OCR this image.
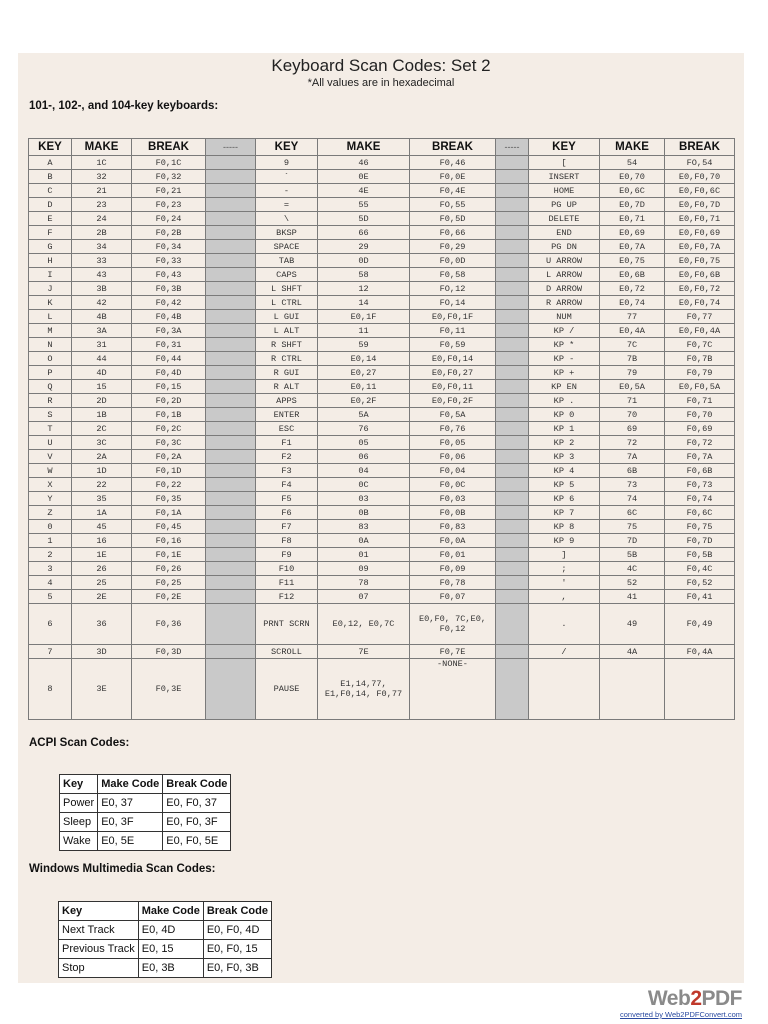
Keyboard Scan Codes: Set 2
*All values are in hexadecimal
101-, 102-, and 104-key keyboards:
KEY	MAKE	BREAK	-----	KEY	MAKE	BREAK	-----	KEY	MAKE	BREAK
A	1C	F0,1C		9	46	F0,46		[	54	FO,54
B	32	F0,32		`	0E	F0,0E		INSERT	E0,70	E0,F0,70
C	21	F0,21		-	4E	F0,4E		HOME	E0,6C	E0,F0,6C
D	23	F0,23		=	55	FO,55		PG UP	E0,7D	E0,F0,7D
E	24	F0,24		\	5D	F0,5D		DELETE	E0,71	E0,F0,71
F	2B	F0,2B		BKSP	66	F0,66		END	E0,69	E0,F0,69
G	34	F0,34		SPACE	29	F0,29		PG DN	E0,7A	E0,F0,7A
H	33	F0,33		TAB	0D	F0,0D		U ARROW	E0,75	E0,F0,75
I	43	F0,43		CAPS	58	F0,58		L ARROW	E0,6B	E0,F0,6B
J	3B	F0,3B		L SHFT	12	FO,12		D ARROW	E0,72	E0,F0,72
K	42	F0,42		L CTRL	14	FO,14		R ARROW	E0,74	E0,F0,74
L	4B	F0,4B		L GUI	E0,1F	E0,F0,1F		NUM	77	F0,77
M	3A	F0,3A		L ALT	11	F0,11		KP /	E0,4A	E0,F0,4A
N	31	F0,31		R SHFT	59	F0,59		KP *	7C	F0,7C
O	44	F0,44		R CTRL	E0,14	E0,F0,14		KP -	7B	F0,7B
P	4D	F0,4D		R GUI	E0,27	E0,F0,27		KP +	79	F0,79
Q	15	F0,15		R ALT	E0,11	E0,F0,11		KP EN	E0,5A	E0,F0,5A
R	2D	F0,2D		APPS	E0,2F	E0,F0,2F		KP .	71	F0,71
S	1B	F0,1B		ENTER	5A	F0,5A		KP 0	70	F0,70
T	2C	F0,2C		ESC	76	F0,76		KP 1	69	F0,69
U	3C	F0,3C		F1	05	F0,05		KP 2	72	F0,72
V	2A	F0,2A		F2	06	F0,06		KP 3	7A	F0,7A
W	1D	F0,1D		F3	04	F0,04		KP 4	6B	F0,6B
X	22	F0,22		F4	0C	F0,0C		KP 5	73	F0,73
Y	35	F0,35		F5	03	F0,03		KP 6	74	F0,74
Z	1A	F0,1A		F6	0B	F0,0B		KP 7	6C	F0,6C
0	45	F0,45		F7	83	F0,83		KP 8	75	F0,75
1	16	F0,16		F8	0A	F0,0A		KP 9	7D	F0,7D
2	1E	F0,1E		F9	01	F0,01		]	5B	F0,5B
3	26	F0,26		F10	09	F0,09		;	4C	F0,4C
4	25	F0,25		F11	78	F0,78		'	52	F0,52
5	2E	F0,2E		F12	07	F0,07		,	41	F0,41
6	36	F0,36		PRNT SCRN	E0,12, E0,7C	E0,F0, 7C,E0, F0,12		.	49	F0,49
7	3D	F0,3D		SCROLL	7E	F0,7E		/	4A	F0,4A
8	3E	F0,3E		PAUSE	E1,14,77, E1,F0,14, F0,77	-NONE-				
ACPI Scan Codes:
Key	Make Code	Break Code
Power	E0, 37	E0, F0, 37
Sleep	E0, 3F	E0, F0, 3F
Wake	E0, 5E	E0, F0, 5E
Windows Multimedia Scan Codes:
Key	Make Code	Break Code
Next Track	E0, 4D	E0, F0, 4D
Previous Track	E0, 15	E0, F0, 15
Stop	E0, 3B	E0, F0, 3B
Web2PDF
converted by Web2PDFConvert.com
